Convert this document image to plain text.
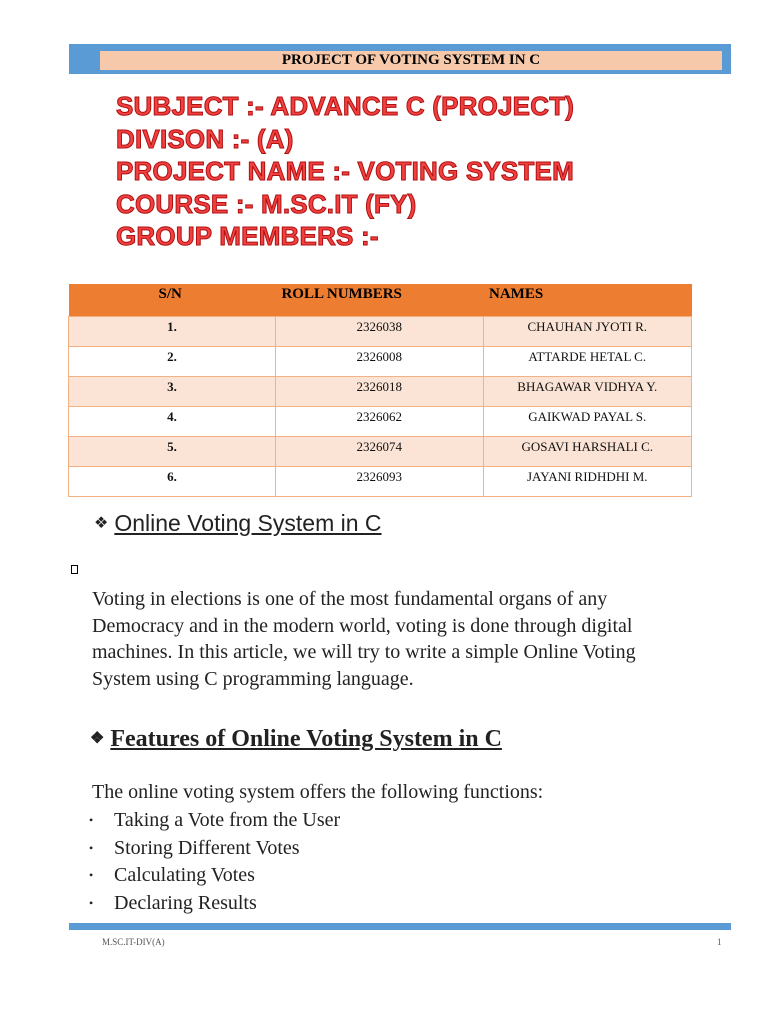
PROJECT OF VOTING SYSTEM IN C
SUBJECT :- ADVANCE C (PROJECT)
DIVISON :- (A)
PROJECT NAME :- VOTING SYSTEM
COURSE :- M.SC.IT (FY)
GROUP MEMBERS :-
S/N	ROLL NUMBERS	NAMES
1.	2326038	CHAUHAN JYOTI R.
2.	2326008	ATTARDE HETAL C.
3.	2326018	BHAGAWAR VIDHYA Y.
4.	2326062	GAIKWAD PAYAL S.
5.	2326074	GOSAVI HARSHALI C.
6.	2326093	JAYANI RIDHDHI M.
❖ Online Voting System in C
Voting in elections is one of the most fundamental organs of any Democracy and in the modern world, voting is done through digital machines. In this article, we will try to write a simple Online Voting System using C programming language.
❖ Features of Online Voting System in C
The online voting system offers the following functions:
• Taking a Vote from the User
• Storing Different Votes
• Calculating Votes
• Declaring Results
M.SC.IT-DIV(A)	1
